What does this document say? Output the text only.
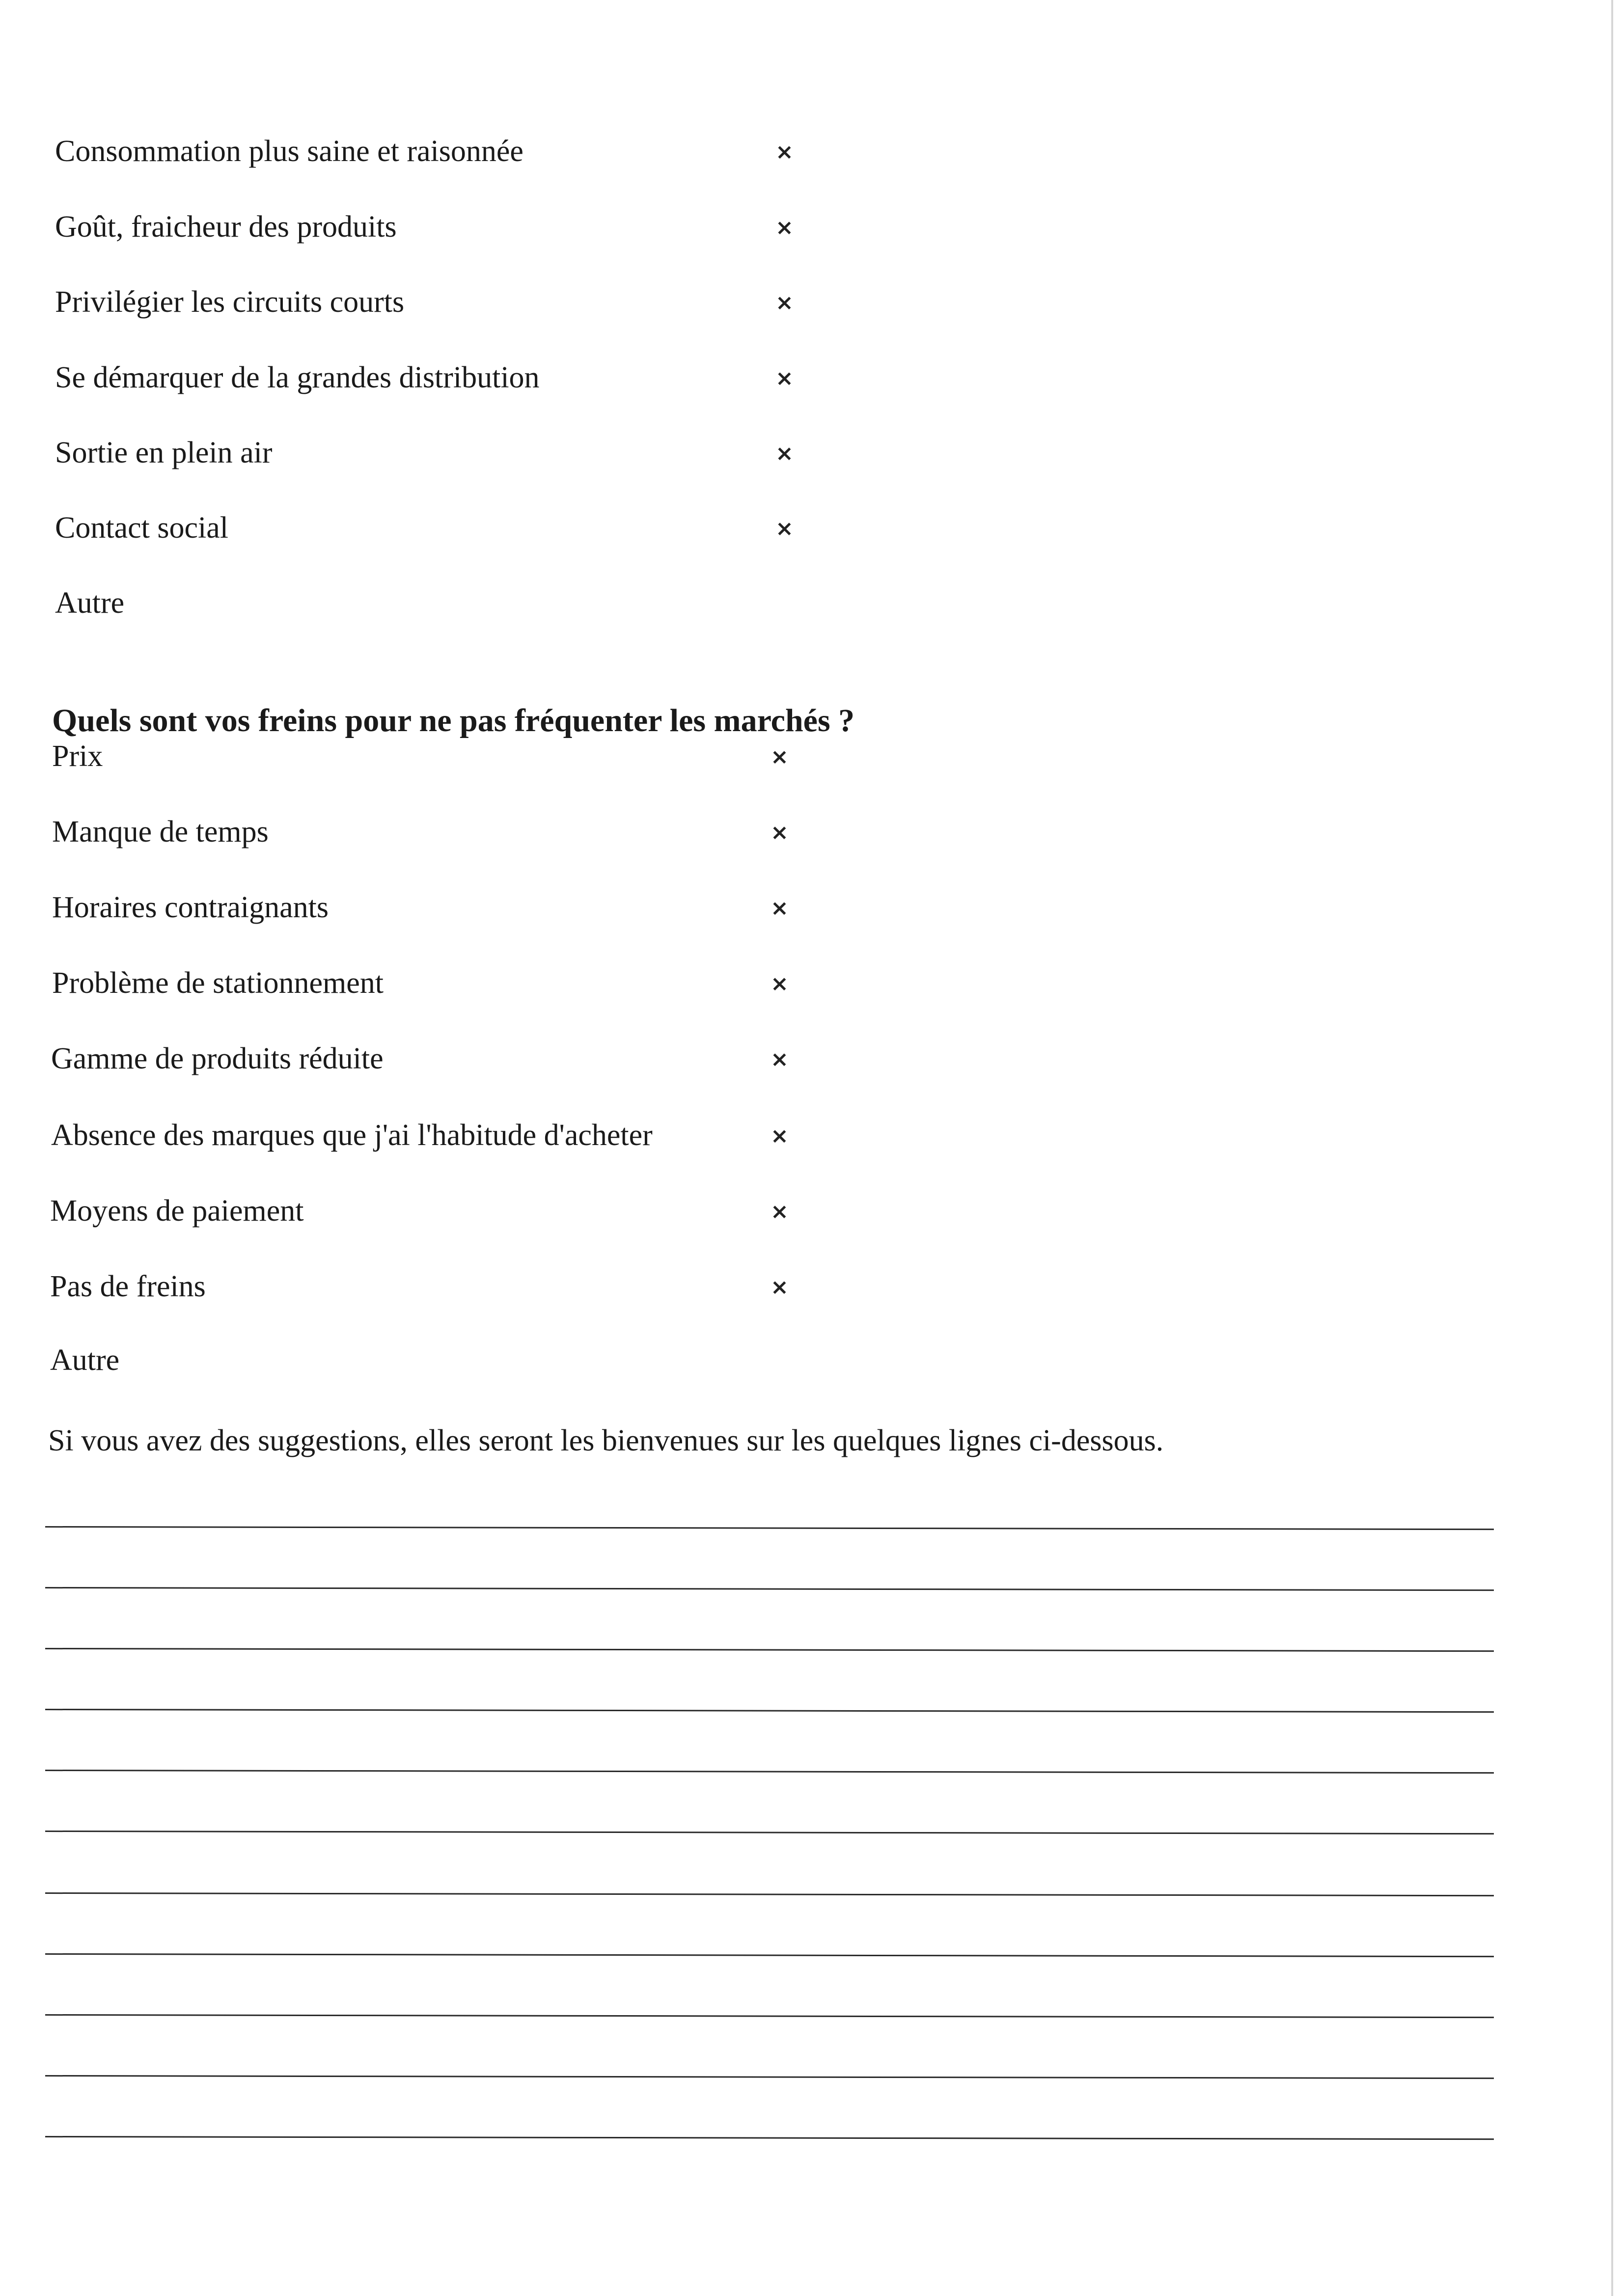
Consommation plus saine et raisonnée	×
Goût, fraicheur des produits	×
Privilégier les circuits courts	×
Se démarquer de la grandes distribution	×
Sortie en plein air	×
Contact social	×
Autre
Quels sont vos freins pour ne pas fréquenter les marchés ?
Prix	×
Manque de temps	×
Horaires contraignants	×
Problème de stationnement	×
Gamme de produits réduite	×
Absence des marques que j'ai l'habitude d'acheter	×
Moyens de paiement	×
Pas de freins	×
Autre
Si vous avez des suggestions, elles seront les bienvenues sur les quelques lignes ci-dessous.
